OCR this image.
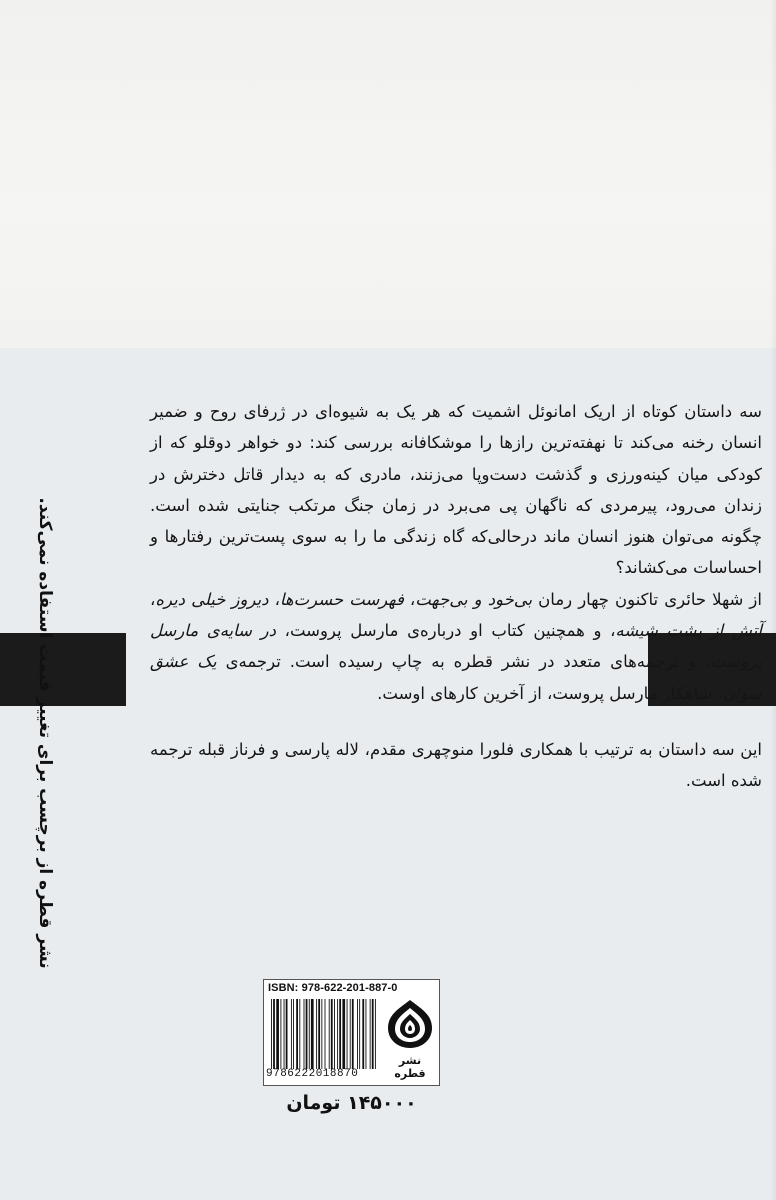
نشر قطره از برچسب برای تغییر قیمت استفاده نمی‌کند.

سه داستان کوتاه از اریک امانوئل اشمیت که هر یک به شیوه‌ای در ژرفای روح و ضمیر انسان رخنه می‌کند تا نهفته‌ترین رازها را موشکافانه بررسی کند: دو خواهر دوقلو که از کودکی میان کینه‌ورزی و گذشت دست‌وپا می‌زنند، مادری که به دیدار قاتل دخترش در زندان می‌رود، پیرمردی که ناگهان پی می‌برد در زمان جنگ مرتکب جنایتی شده است. چگونه می‌توان هنوز انسان ماند درحالی‌که گاه زندگی ما را به سوی پست‌ترین رفتارها و احساسات می‌کشاند؟

از شهلا حائری تاکنون چهار رمان بی‌خود و بی‌جهت، فهرست حسرت‌ها، دیروز خیلی دیره، آتش از پشت شیشه، و همچنین کتاب او درباره‌ی مارسل پروست، در سایه‌ی مارسل پروست، و ترجمه‌های متعدد در نشر قطره به چاپ رسیده است. ترجمه‌ی یک عشق سوان، شاهکار مارسل پروست، از آخرین کارهای اوست.

این سه داستان به ترتیب با همکاری فلورا منوچهری مقدم، لاله پارسی و فرناز قبله ترجمه شده است.

ISBN: 978-622-201-887-0
9786222018870
نشر قطره
۱۴۵۰۰۰ تومان
